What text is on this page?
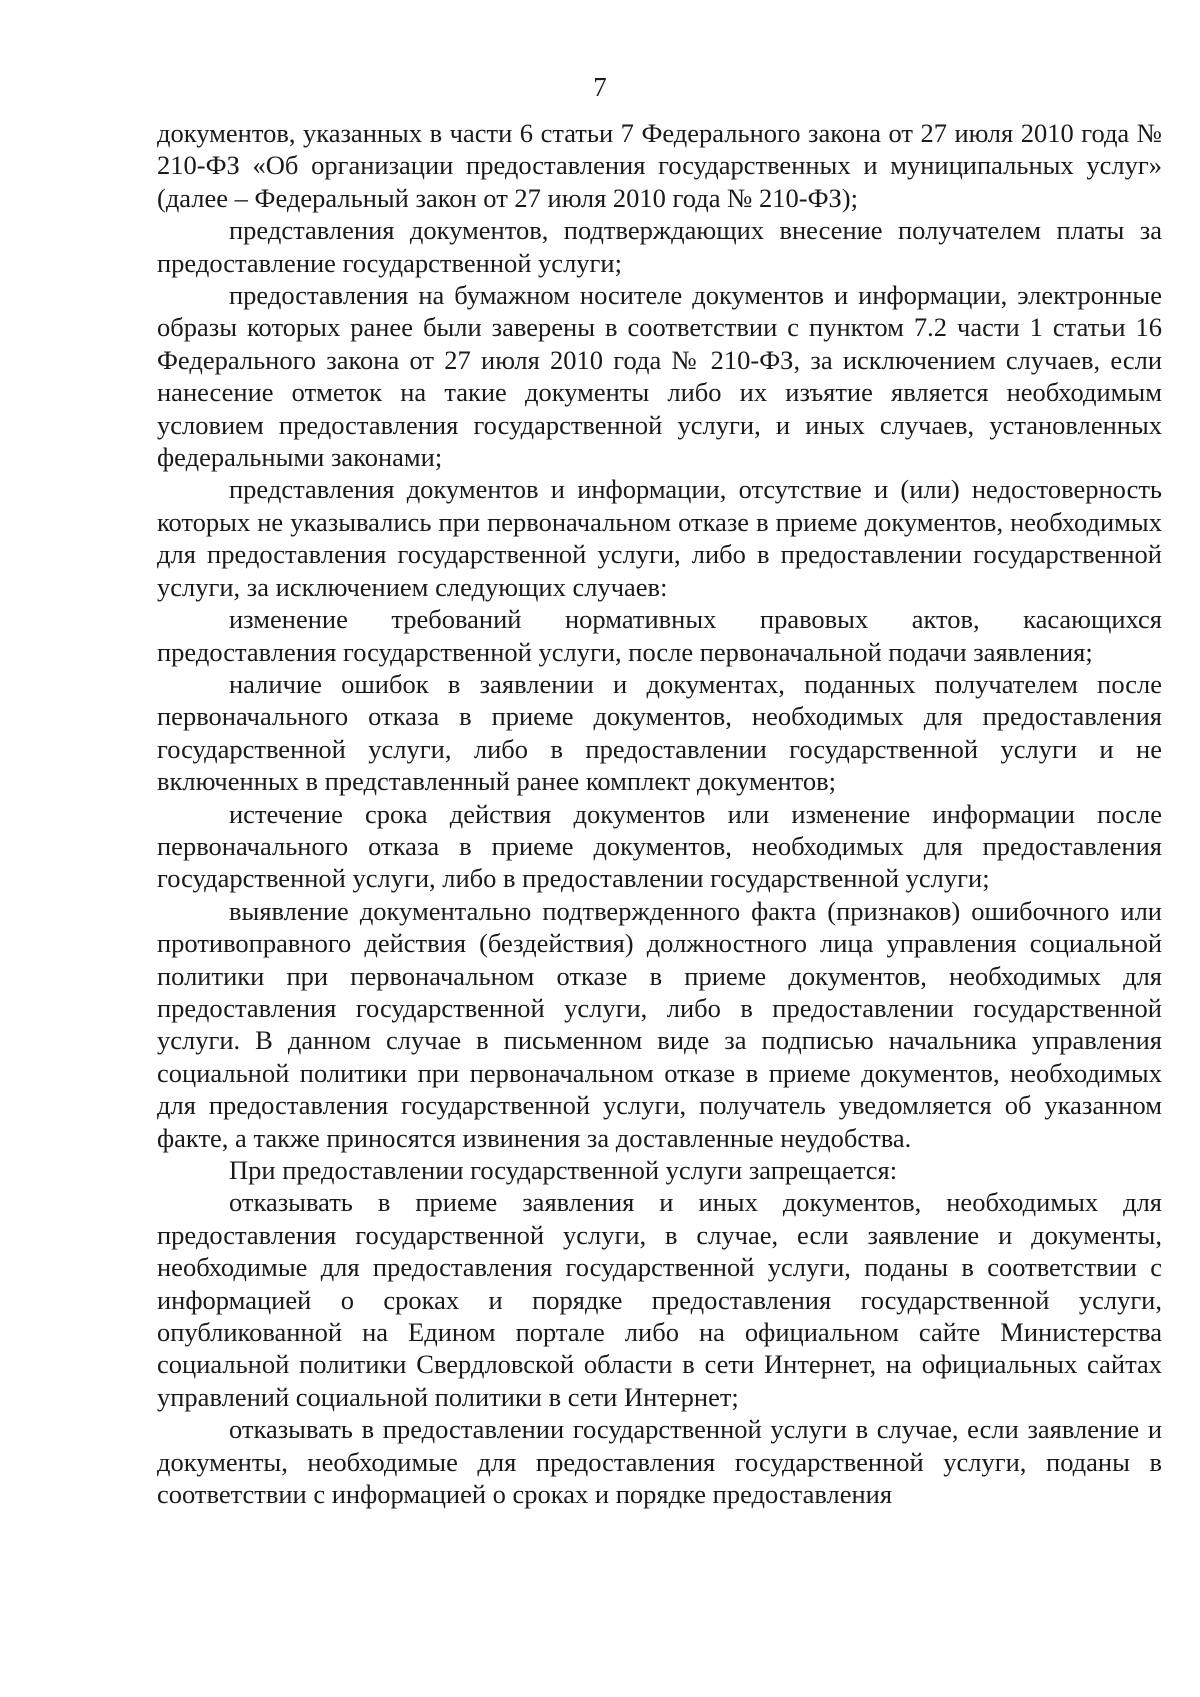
7

документов, указанных в части 6 статьи 7 Федерального закона от 27 июля 2010 года № 210-ФЗ «Об организации предоставления государственных и муниципальных услуг» (далее – Федеральный закон от 27 июля 2010 года № 210-ФЗ);

представления документов, подтверждающих внесение получателем платы за предоставление государственной услуги;

предоставления на бумажном носителе документов и информации, электронные образы которых ранее были заверены в соответствии с пунктом 7.2 части 1 статьи 16 Федерального закона от 27 июля 2010 года № 210-ФЗ, за исключением случаев, если нанесение отметок на такие документы либо их изъятие является необходимым условием предоставления государственной услуги, и иных случаев, установленных федеральными законами;

представления документов и информации, отсутствие и (или) недостоверность которых не указывались при первоначальном отказе в приеме документов, необходимых для предоставления государственной услуги, либо в предоставлении государственной услуги, за исключением следующих случаев:

изменение требований нормативных правовых актов, касающихся предоставления государственной услуги, после первоначальной подачи заявления;

наличие ошибок в заявлении и документах, поданных получателем после первоначального отказа в приеме документов, необходимых для предоставления государственной услуги, либо в предоставлении государственной услуги и не включенных в представленный ранее комплект документов;

истечение срока действия документов или изменение информации после первоначального отказа в приеме документов, необходимых для предоставления государственной услуги, либо в предоставлении государственной услуги;

выявление документально подтвержденного факта (признаков) ошибочного или противоправного действия (бездействия) должностного лица управления социальной политики при первоначальном отказе в приеме документов, необходимых для предоставления государственной услуги, либо в предоставлении государственной услуги. В данном случае в письменном виде за подписью начальника управления социальной политики при первоначальном отказе в приеме документов, необходимых для предоставления государственной услуги, получатель уведомляется об указанном факте, а также приносятся извинения за доставленные неудобства.

При предоставлении государственной услуги запрещается:

отказывать в приеме заявления и иных документов, необходимых для предоставления государственной услуги, в случае, если заявление и документы, необходимые для предоставления государственной услуги, поданы в соответствии с информацией о сроках и порядке предоставления государственной услуги, опубликованной на Едином портале либо на официальном сайте Министерства социальной политики Свердловской области в сети Интернет, на официальных сайтах управлений социальной политики в сети Интернет;

отказывать в предоставлении государственной услуги в случае, если заявление и документы, необходимые для предоставления государственной услуги, поданы в соответствии с информацией о сроках и порядке предоставления
